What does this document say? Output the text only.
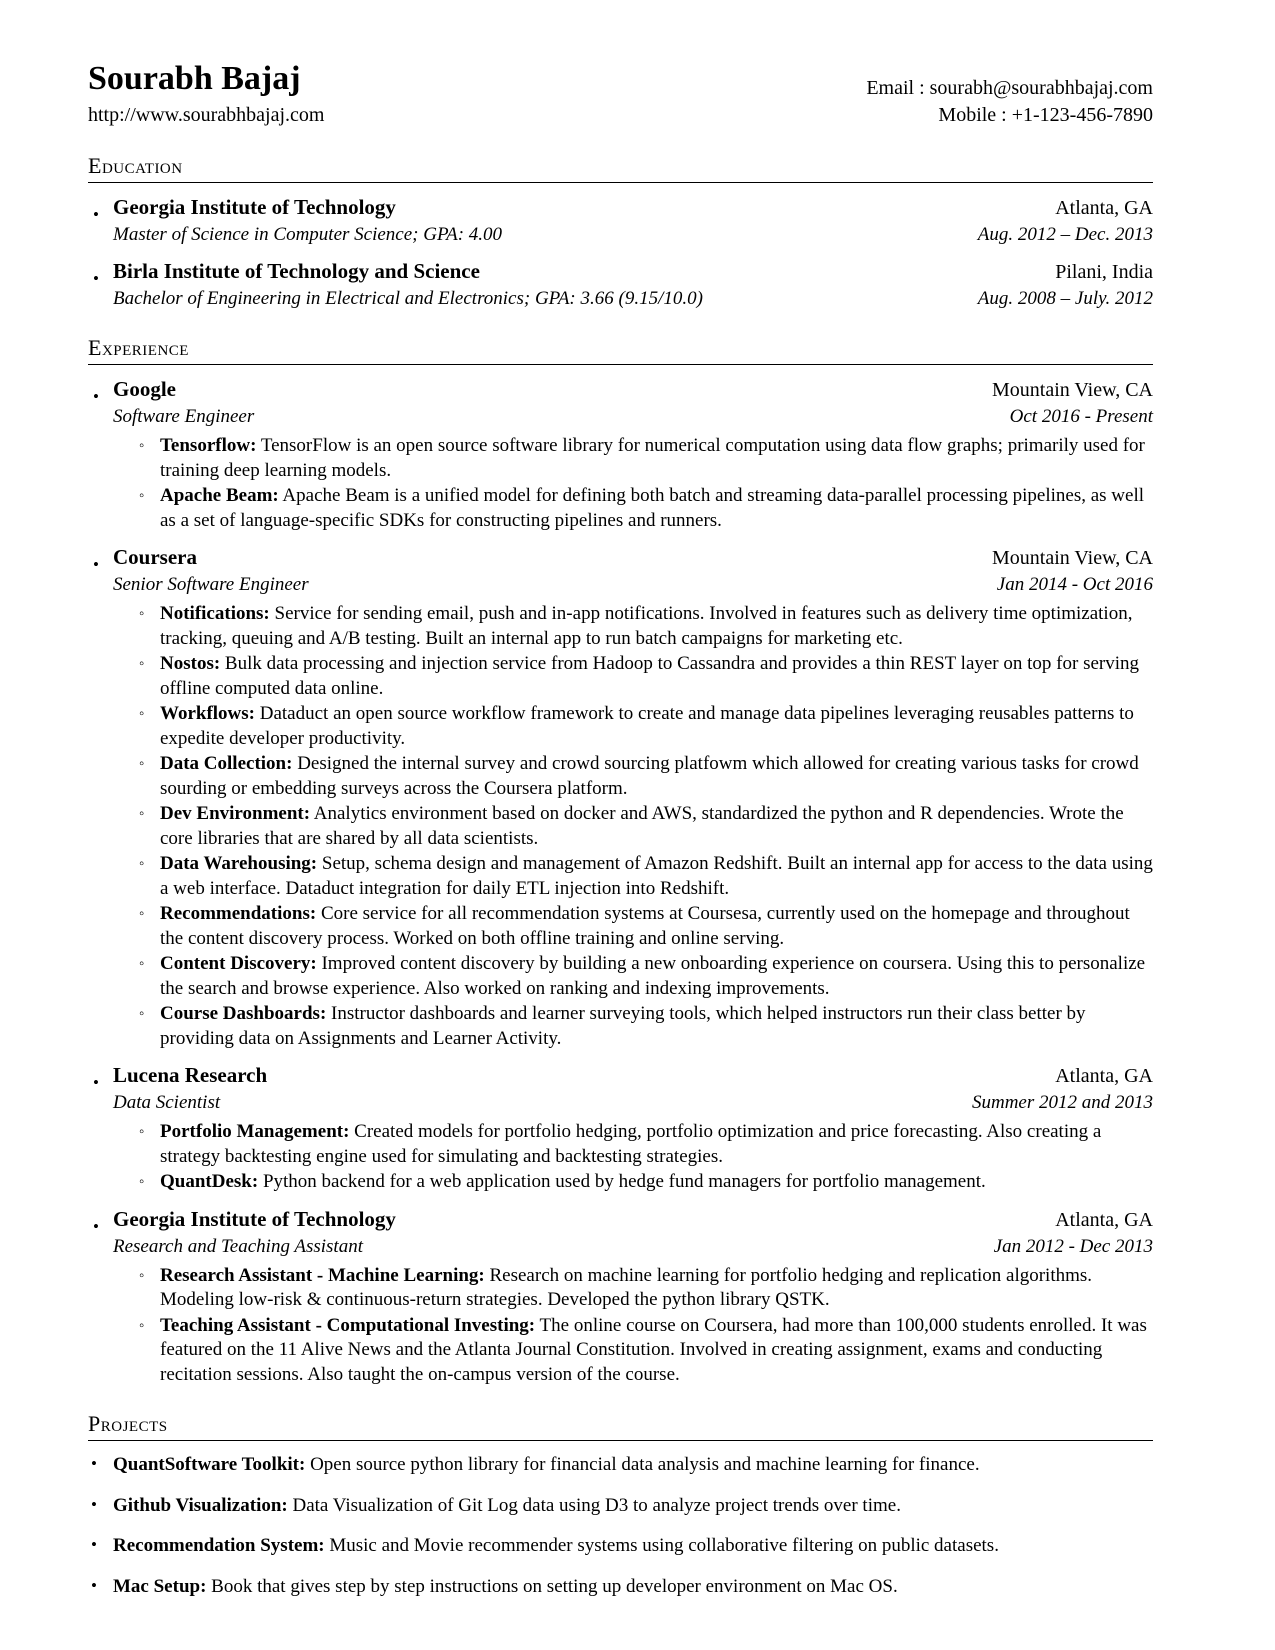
Sourabh Bajaj
http://www.sourabhbajaj.com
Email : sourabh@sourabhbajaj.com
Mobile : +1-123-456-7890
Education
• Georgia Institute of Technology	Atlanta, GA
Master of Science in Computer Science; GPA: 4.00	Aug. 2012 – Dec. 2013
• Birla Institute of Technology and Science	Pilani, India
Bachelor of Engineering in Electrical and Electronics; GPA: 3.66 (9.15/10.0)	Aug. 2008 – July. 2012
Experience
• Google	Mountain View, CA
Software Engineer	Oct 2016 - Present
◦ Tensorflow: TensorFlow is an open source software library for numerical computation using data flow graphs; primarily used for training deep learning models.
◦ Apache Beam: Apache Beam is a unified model for defining both batch and streaming data-parallel processing pipelines, as well as a set of language-specific SDKs for constructing pipelines and runners.
• Coursera	Mountain View, CA
Senior Software Engineer	Jan 2014 - Oct 2016
◦ Notifications: Service for sending email, push and in-app notifications. Involved in features such as delivery time optimization, tracking, queuing and A/B testing. Built an internal app to run batch campaigns for marketing etc.
◦ Nostos: Bulk data processing and injection service from Hadoop to Cassandra and provides a thin REST layer on top for serving offline computed data online.
◦ Workflows: Dataduct an open source workflow framework to create and manage data pipelines leveraging reusables patterns to expedite developer productivity.
◦ Data Collection: Designed the internal survey and crowd sourcing platfowm which allowed for creating various tasks for crowd sourding or embedding surveys across the Coursera platform.
◦ Dev Environment: Analytics environment based on docker and AWS, standardized the python and R dependencies. Wrote the core libraries that are shared by all data scientists.
◦ Data Warehousing: Setup, schema design and management of Amazon Redshift. Built an internal app for access to the data using a web interface. Dataduct integration for daily ETL injection into Redshift.
◦ Recommendations: Core service for all recommendation systems at Coursesa, currently used on the homepage and throughout the content discovery process. Worked on both offline training and online serving.
◦ Content Discovery: Improved content discovery by building a new onboarding experience on coursera. Using this to personalize the search and browse experience. Also worked on ranking and indexing improvements.
◦ Course Dashboards: Instructor dashboards and learner surveying tools, which helped instructors run their class better by providing data on Assignments and Learner Activity.
• Lucena Research	Atlanta, GA
Data Scientist	Summer 2012 and 2013
◦ Portfolio Management: Created models for portfolio hedging, portfolio optimization and price forecasting. Also creating a strategy backtesting engine used for simulating and backtesting strategies.
◦ QuantDesk: Python backend for a web application used by hedge fund managers for portfolio management.
• Georgia Institute of Technology	Atlanta, GA
Research and Teaching Assistant	Jan 2012 - Dec 2013
◦ Research Assistant - Machine Learning: Research on machine learning for portfolio hedging and replication algorithms. Modeling low-risk & continuous-return strategies. Developed the python library QSTK.
◦ Teaching Assistant - Computational Investing: The online course on Coursera, had more than 100,000 students enrolled. It was featured on the 11 Alive News and the Atlanta Journal Constitution. Involved in creating assignment, exams and conducting recitation sessions. Also taught the on-campus version of the course.
Projects
• QuantSoftware Toolkit: Open source python library for financial data analysis and machine learning for finance.
• Github Visualization: Data Visualization of Git Log data using D3 to analyze project trends over time.
• Recommendation System: Music and Movie recommender systems using collaborative filtering on public datasets.
• Mac Setup: Book that gives step by step instructions on setting up developer environment on Mac OS.
